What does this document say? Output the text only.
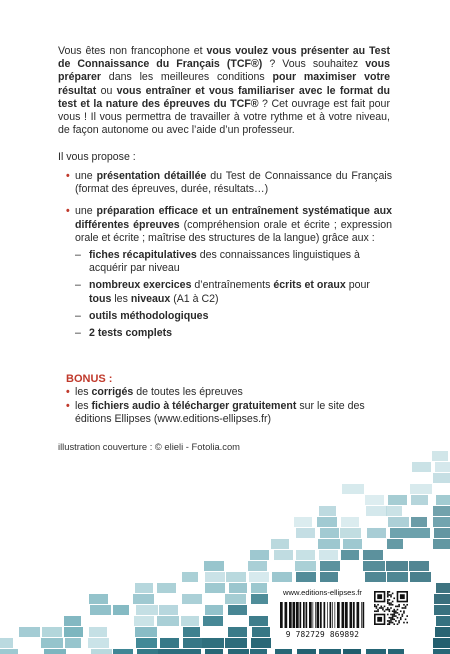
Vous êtes non francophone et vous voulez vous présenter au Test de Connaissance du Français (TCF®) ? Vous souhaitez vous préparer dans les meilleures conditions pour maximiser votre résultat ou vous entraîner et vous familiariser avec le format du test et la nature des épreuves du TCF® ? Cet ouvrage est fait pour vous ! Il vous permettra de travailler à votre rythme et à votre niveau, de façon autonome ou avec l’aide d’un professeur.

Il vous propose :

• une présentation détaillée du Test de Connaissance du Français (format des épreuves, durée, résultats…)
• une préparation efficace et un entraînement systématique aux différentes épreuves (compréhension orale et écrite ; expression orale et écrite ; maîtrise des structures de la langue) grâce aux :
– fiches récapitulatives des connaissances linguistiques à acquérir par niveau
– nombreux exercices d’entraînements écrits et oraux pour tous les niveaux (A1 à C2)
– outils méthodologiques
– 2 tests complets

BONUS :

• les corrigés de toutes les épreuves
• les fichiers audio à télécharger gratuitement sur le site des éditions Ellipses (www.editions-ellipses.fr)

illustration couverture : © elieli - Fotolia.com

www.editions-ellipses.fr
9 782729 869892
